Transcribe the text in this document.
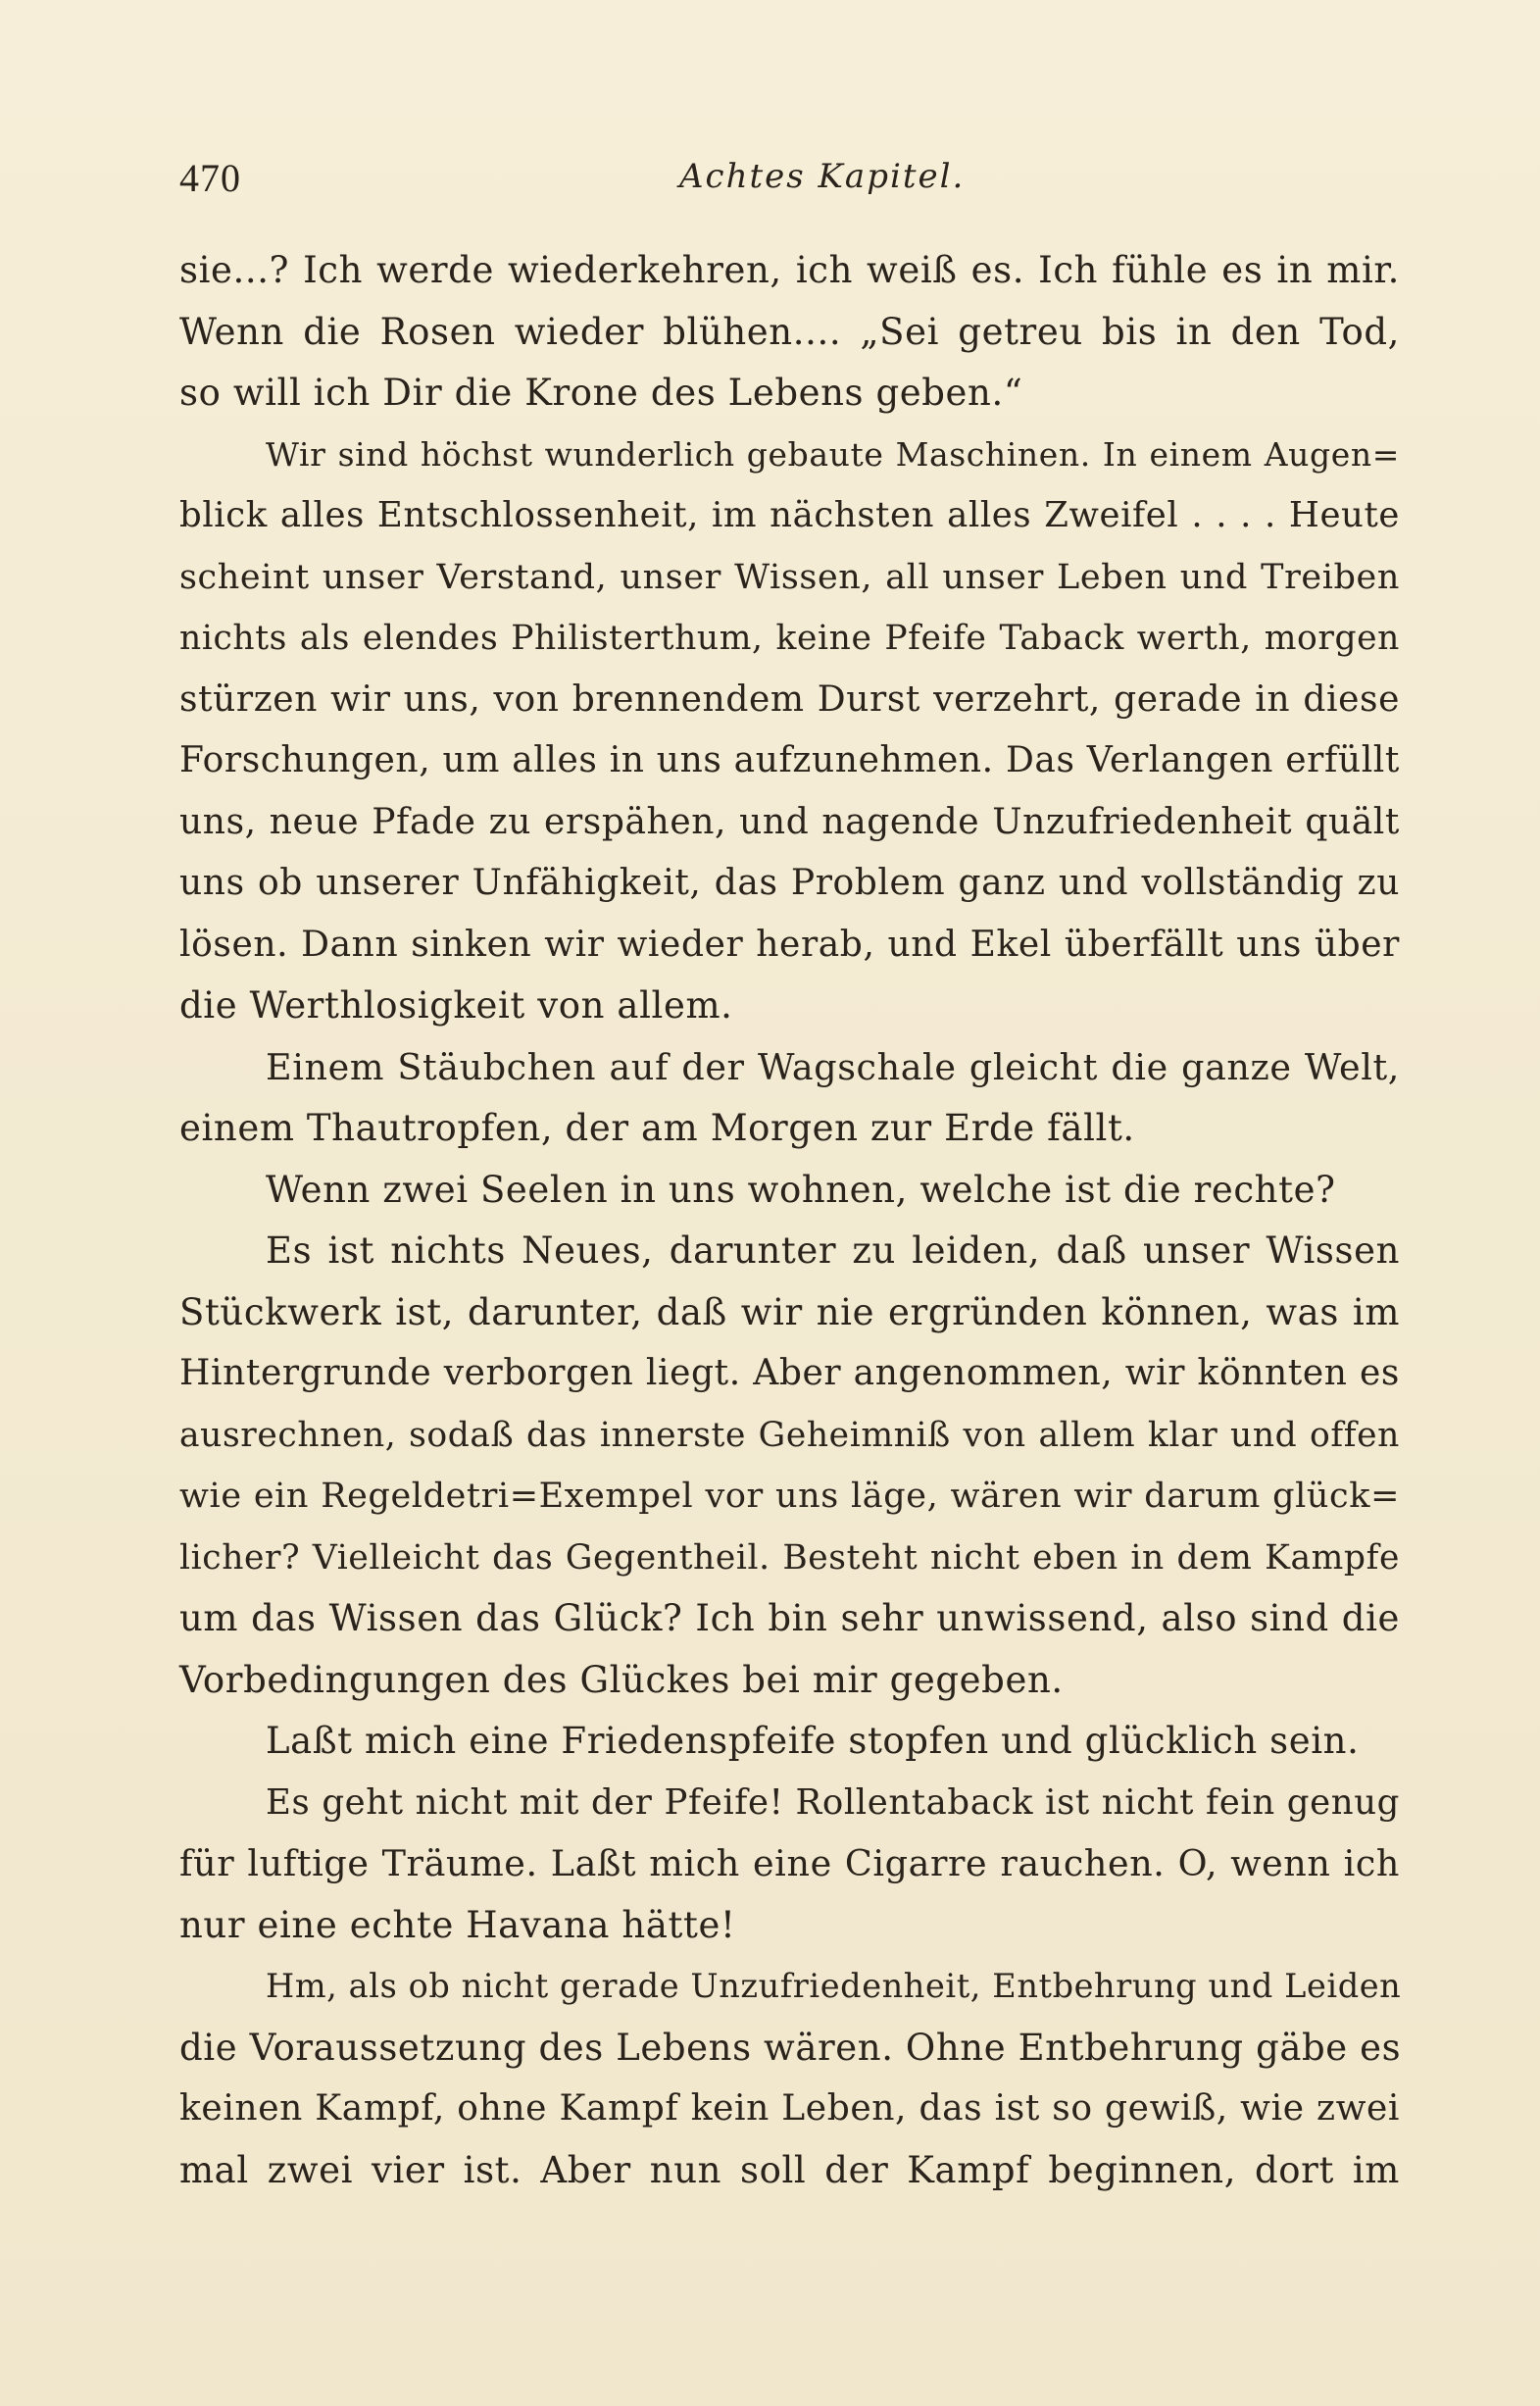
470	Achtes Kapitel.
sie...? Ich werde wiederkehren, ich weiß es. Ich fühle es in mir.
Wenn die Rosen wieder blühen.... „Sei getreu bis in den Tod,
so will ich Dir die Krone des Lebens geben.“
Wir sind höchst wunderlich gebaute Maschinen. In einem Augen=
blick alles Entschlossenheit, im nächsten alles Zweifel . . . . Heute
scheint unser Verstand, unser Wissen, all unser Leben und Treiben
nichts als elendes Philisterthum, keine Pfeife Taback werth, morgen
stürzen wir uns, von brennendem Durst verzehrt, gerade in diese
Forschungen, um alles in uns aufzunehmen. Das Verlangen erfüllt
uns, neue Pfade zu erspähen, und nagende Unzufriedenheit quält
uns ob unserer Unfähigkeit, das Problem ganz und vollständig zu
lösen. Dann sinken wir wieder herab, und Ekel überfällt uns über
die Werthlosigkeit von allem.
Einem Stäubchen auf der Wagschale gleicht die ganze Welt,
einem Thautropfen, der am Morgen zur Erde fällt.
Wenn zwei Seelen in uns wohnen, welche ist die rechte?
Es ist nichts Neues, darunter zu leiden, daß unser Wissen
Stückwerk ist, darunter, daß wir nie ergründen können, was im
Hintergrunde verborgen liegt. Aber angenommen, wir könnten es
ausrechnen, sodaß das innerste Geheimniß von allem klar und offen
wie ein Regeldetri=Exempel vor uns läge, wären wir darum glück=
licher? Vielleicht das Gegentheil. Besteht nicht eben in dem Kampfe
um das Wissen das Glück? Ich bin sehr unwissend, also sind die
Vorbedingungen des Glückes bei mir gegeben.
Laßt mich eine Friedenspfeife stopfen und glücklich sein.
Es geht nicht mit der Pfeife! Rollentaback ist nicht fein genug
für luftige Träume. Laßt mich eine Cigarre rauchen. O, wenn ich
nur eine echte Havana hätte!
Hm, als ob nicht gerade Unzufriedenheit, Entbehrung und Leiden
die Voraussetzung des Lebens wären. Ohne Entbehrung gäbe es
keinen Kampf, ohne Kampf kein Leben, das ist so gewiß, wie zwei
mal zwei vier ist. Aber nun soll der Kampf beginnen, dort im
